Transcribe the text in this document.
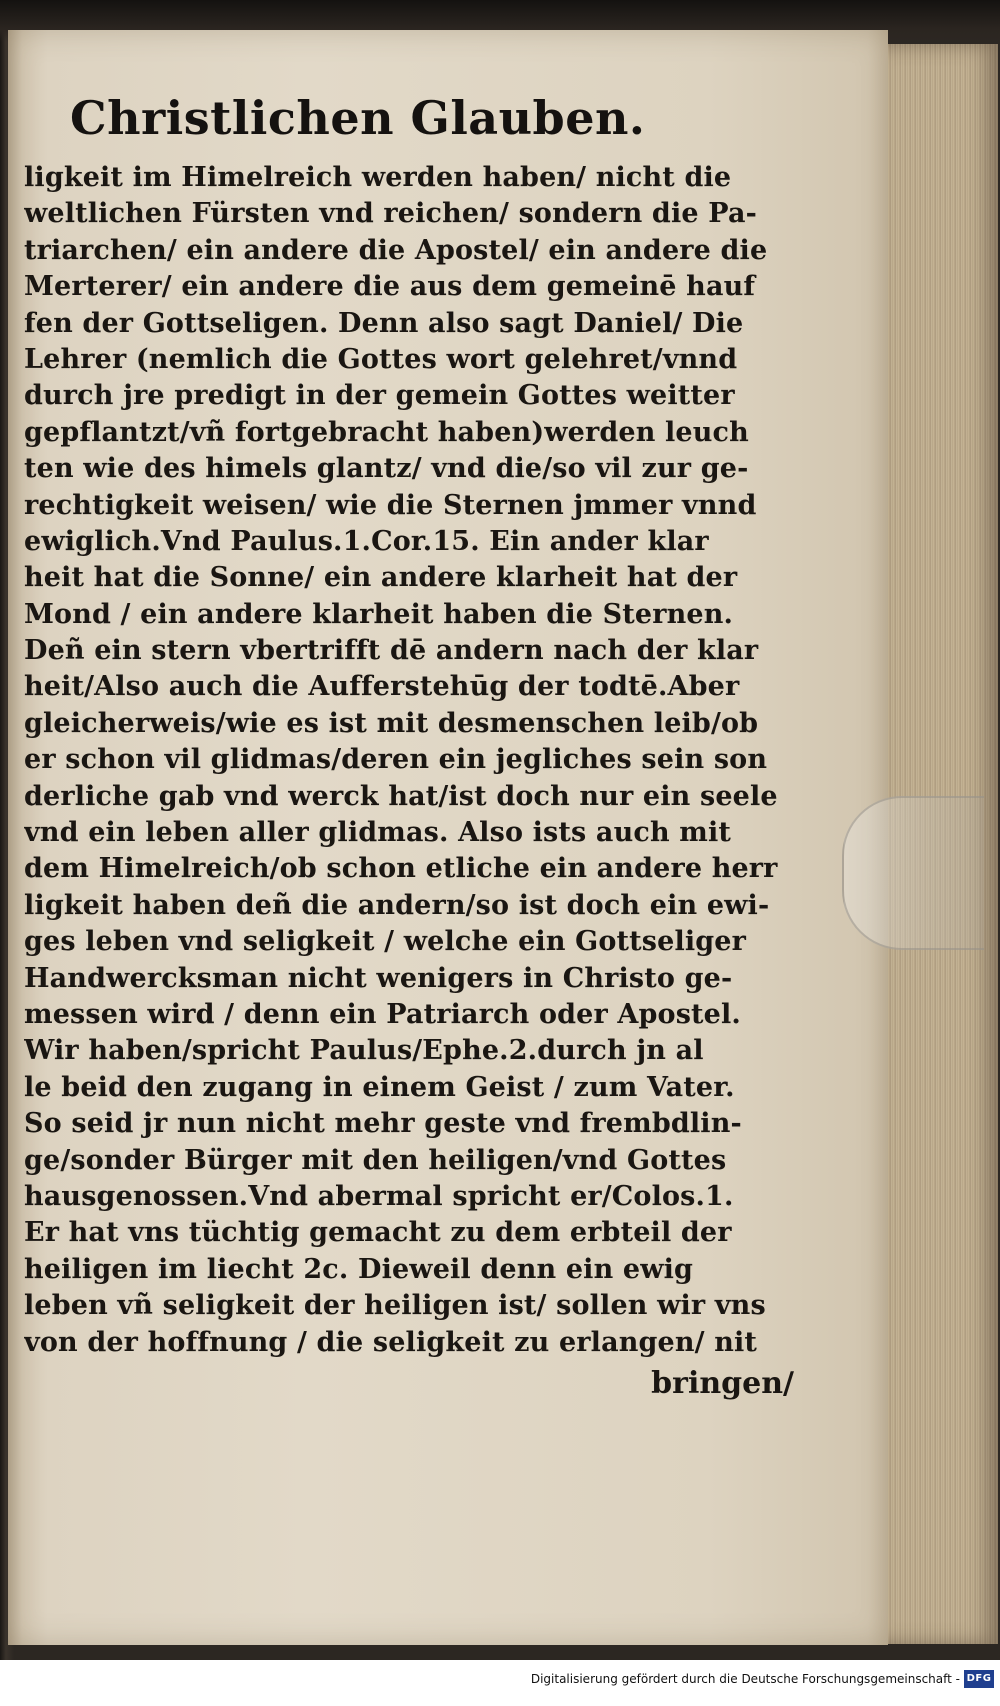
Christlichen Glauben.
ligkeit im Himelreich werden haben/ nicht die
weltlichen Fürsten vnd reichen/ sondern die Pa-
triarchen/ ein andere die Apostel/ ein andere die
Merterer/ ein andere die aus dem gemeinē hauf
fen der Gottseligen. Denn also sagt Daniel/ Die
Lehrer (nemlich die Gottes wort gelehret/vnnd
durch jre predigt in der gemein Gottes weitter
gepflantzt/vñ fortgebracht haben)werden leuch
ten wie des himels glantz/ vnd die/so vil zur ge-
rechtigkeit weisen/ wie die Sternen jmmer vnnd
ewiglich.Vnd Paulus.1.Cor.15. Ein ander klar
heit hat die Sonne/ ein andere klarheit hat der
Mond / ein andere klarheit haben die Sternen.
Deñ ein stern vbertrifft dē andern nach der klar
heit/Also auch die Aufferstehūg der todtē.Aber
gleicherweis/wie es ist mit desmenschen leib/ob
er schon vil glidmas/deren ein jegliches sein son
derliche gab vnd werck hat/ist doch nur ein seele
vnd ein leben aller glidmas. Also ists auch mit
dem Himelreich/ob schon etliche ein andere herr
ligkeit haben deñ die andern/so ist doch ein ewi-
ges leben vnd seligkeit / welche ein Gottseliger
Handwercksman nicht wenigers in Christo ge-
messen wird / denn ein Patriarch oder Apostel.
Wir haben/spricht Paulus/Ephe.2.durch jn al
le beid den zugang in einem Geist / zum Vater.
So seid jr nun nicht mehr geste vnd frembdlin-
ge/sonder Bürger mit den heiligen/vnd Gottes
hausgenossen.Vnd abermal spricht er/Colos.1.
Er hat vns tüchtig gemacht zu dem erbteil der
heiligen im liecht 2c. Dieweil denn ein ewig
leben vñ seligkeit der heiligen ist/ sollen wir vns
von der hoffnung / die seligkeit zu erlangen/ nit
bringen/
Digitalisierung gefördert durch die Deutsche Forschungsgemeinschaft - DFG
